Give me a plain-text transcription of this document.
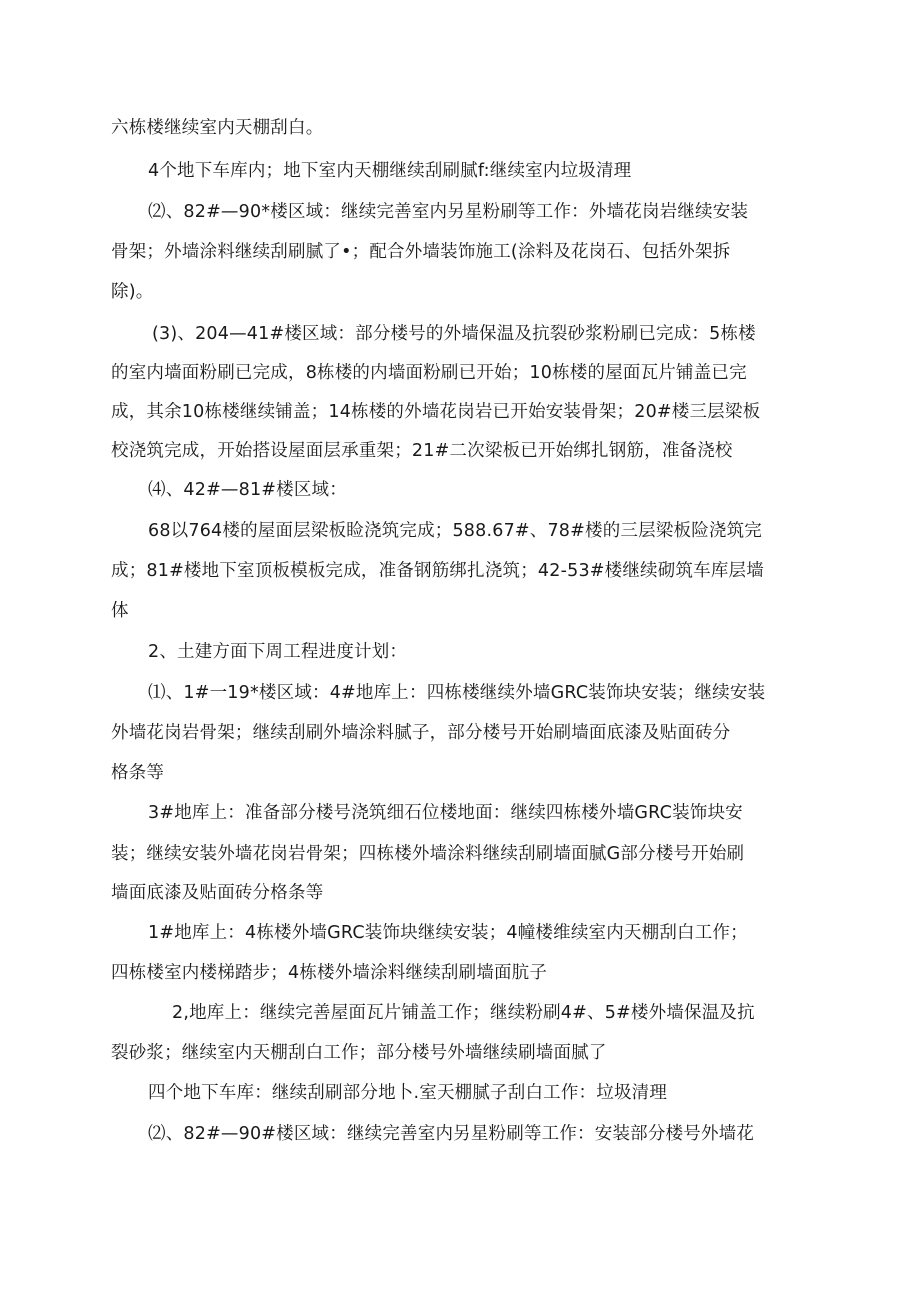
六栋楼继续室内天棚刮白。
4个地下车库内；地下室内天棚继续刮刷腻f:继续室内垃圾清理
⑵、82#—90*楼区域：继续完善室内另星粉刷等工作：外墙花岗岩继续安装
骨架；外墙涂料继续刮刷腻了•；配合外墙装饰施工(涂料及花岗石、包括外架拆
除)。
(3)、204—41#楼区域：部分楼号的外墙保温及抗裂砂浆粉刷已完成：5栋楼
的室内墙面粉刷已完成，8栋楼的内墙面粉刷已开始；10栋楼的屋面瓦片铺盖已完
成，其余10栋楼继续铺盖；14栋楼的外墙花岗岩已开始安装骨架；20#楼三层梁板
校浇筑完成，开始搭设屋面层承重架；21#二次梁板已开始绑扎钢筋，准备浇校
⑷、42#—81#楼区域：
68以764楼的屋面层梁板睑浇筑完成；588.67#、78#楼的三层梁板险浇筑完
成；81#楼地下室顶板模板完成，准备钢筋绑扎浇筑；42-53#楼继续砌筑车库层墙
体
2、土建方面下周工程进度计划：
⑴、1#一19*楼区域：4#地库上：四栋楼继续外墙GRC装饰块安装；继续安装
外墙花岗岩骨架；继续刮刷外墙涂料腻子，部分楼号开始刷墙面底漆及贴面砖分
格条等
3#地库上：准备部分楼号浇筑细石位楼地面：继续四栋楼外墙GRC装饰块安
装；继续安装外墙花岗岩骨架；四栋楼外墙涂料继续刮刷墙面腻G部分楼号开始刷
墙面底漆及贴面砖分格条等
1#地库上：4栋楼外墙GRC装饰块继续安装；4幢楼维续室内天棚刮白工作；
四栋楼室内楼梯踏步；4栋楼外墙涂料继续刮刷墙面肮子
2,地库上：继续完善屋面瓦片铺盖工作；继续粉刷4#、5#楼外墙保温及抗
裂砂浆；继续室内天棚刮白工作；部分楼号外墙继续刷墙面腻了
四个地下车库：继续刮刷部分地卜.室天棚腻子刮白工作：垃圾清理
⑵、82#—90#楼区域：继续完善室内另星粉刷等工作：安装部分楼号外墙花
